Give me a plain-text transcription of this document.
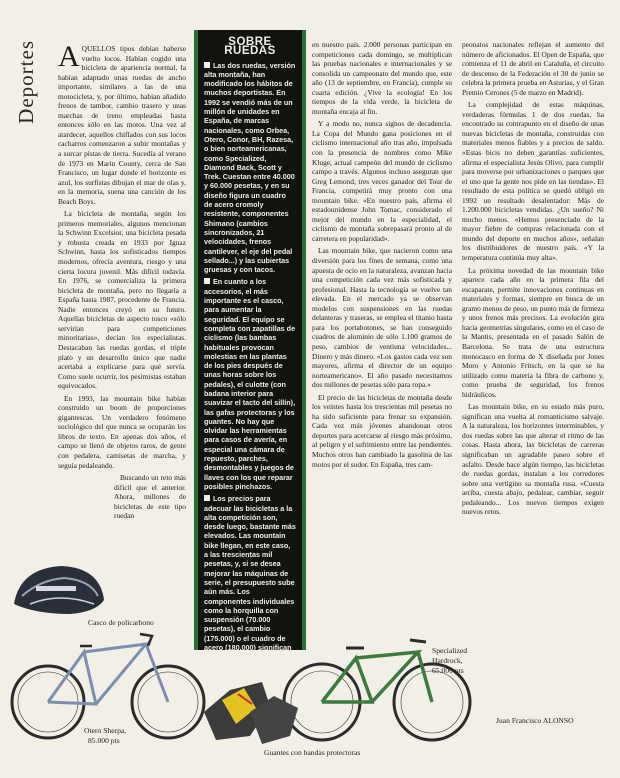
Deportes AQUELLOS tipos debían haberse vuelto locos. Habían cogido una bicicleta de apariencia normal, la habían adaptado unas ruedas de ancho importante, similares a las de una motocicleta, y, por último, habían añadido frenos de tambor, cambio trasero y unas marchas de treno empleadas hasta entonces sólo en las motos. Una vez al atardecer, aquellos chiflados con sus locos cacharros comenzaron a subir montañas y a surcar pistas de tierra. Sucedía al verano de 1973 en Marin County, cerca de San Francisco, un lugar donde el horizonte es azul, los surfistas dibujan el mar de olas y, en la memoria, suena una canción de los Beach Boys.

La bicicleta de montaña, según los primeros memoriales, algunos mencionan la Schwinn Excelsior, una bicicleta pesada y robusta creada en 1933 por Ignaz Schwinn, hasta los sofisticados tiempos modernos, ofrecía aventura, riesgo y una cierta locura juvenil. Más difícil todavía. En 1976, se comercializa la primera bicicleta de montaña, pero no llegaría a España hasta 1987, procedente de Francia. Nadie entonces creyó en su futuro. Aquellas bicicletas de aspecto tosco «sólo servirían para competiciones minoritarias», decían los especialistas. Destacaban las ruedas gordas, el triple plato y un desarrollo único que nadie acertaba a explicarse para qué servía. Como suele ocurrir, los pesimistas estaban equivocados.

En 1993, las mountain bike habían construido un boom de proporciones gigantescas. Un verdadero fenómeno sociológico del que nunca se ocuparán los libros de texto. En apenas dos años, el campo se llenó de objetos raros, de gente con pedalera, camisetas de marcha, y seguía pedaleando.

Buscando un reto más difícil que el anterior. Ahora, millones de bicicletas de este tipo ruedan

SOBRE RUEDAS

Las dos ruedas, versión alta montaña, han modificado los hábitos de muchos deportistas. En 1992 se vendió más de un millón de unidades en España, de marcas nacionales, como Orbea, Otero, Conor, BH, Razesa, o bien norteamericanas, como Specialized, Diamond Back, Scott y Trek. Cuestan entre 40.000 y 60.000 pesetas, y en su diseño figura un cuadro de acero cromoly resistente, componentes Shimano (cambios sincronizados, 21 velocidades, frenos cantilever, el eje del pedal sellado...) y las cubiertas gruesas y con tacos.

En cuanto a los accesorios, el más importante es el casco, para aumentar la seguridad. El equipo se completa con zapatillas de ciclismo (las bambas habituales provocan molestias en las plantas de los pies después de unas horas sobre los pedales), el culotte (con badana interior para suavizar el tacto del sillín), las gafas protectoras y los guantes. No hay que olvidar las herramientas para casos de avería, en especial una cámara de repuesto, parches, desmontables y juegos de llaves con los que reparar posibles pinchazos.

Los precios para adecuar las bicicletas a la alta competición son, desde luego, bastante más elevados. Las mountain bike llegan, en este caso, a las trescientas mil pesetas, y, si se desea mejorar las máquinas de serie, el presupuesto sube aún más. Los componentes individuales como la horquilla con suspensión (70.000 pesetas), el cambio (175.000) o el cuadro de acero (180.000) significan pequeñas fortunas.

en nuestro país. 2.000 personas participan en competiciones cada domingo, se multiplican las pruebas nacionales e internacionales y se consolida un campeonato del mundo que, este año (13 de septiembre, en Francia), cumple su cuarta edición. ¿Vive la ecología! En los tiempos de la vida verde, la bicicleta de montaña encaja al fin.

Y a modo no, nunca signos de decadencia. La Copa del Mundo gana posiciones en el ciclismo internacional año tras año, impulsada con la presencia de nombres como Mike Kluge, actual campeón del mundo de ciclismo campo a través. Algunos incluso aseguran que Greg Lemond, tres veces ganador del Tour de Francia, competirá muy pronto con una mountain bike. «En nuestro país, afirma el estadounidense John Tomac, considerado el mejor del mundo en la especialidad, el ciclismo de montaña sobrepasará pronto al de carretera en popularidad».

Las mountain bike, que nacieron como una diversión para los fines de semana, como una apuesta de ocio en la naturaleza, avanzan hacia una competición cada vez más sofisticada y profesional. Hasta la tecnología se vuelve tan elevada. En el mercado ya se observan modelos con suspensiones en las ruedas delanteras y traseras, se emplea el titanio hasta para los portabotones, se han conseguido cuadros de aluminio de sólo 1.100 gramos de peso, cambios de ventiuna velocidades... Dinero y más dinero. «Los gastos cada vez son mayores, afirma el director de un equipo norteamericano». El año pasado necesitamos dos millones de pesetas sólo para ropa.»

El precio de las bicicletas de montaña desde los veintes hasta los trescientas mil pesetas no ha sido suficiente para frenar su expansión. Cada vez más jóvenes abandonan otros deportes para acercarse al riesgo más próximo, al peligro y el sufrimiento entre las pendientes. Muchos otros han cambiado la gasolina de las motos por el sudor. En España, tres cam-

peonatos nacionales reflejan el aumento del número de aficionados. El Open de España, que comienza el 11 de abril en Cataluña, el circuito de descenso de la Federación el 30 de junio se celebra la primera prueba en Asturias, y el Gran Premio Cerones (5 de marzo en Madrid).

La complejidad de estas máquinas, verdaderas fórmulas 1 de dos ruedas, ha encontrado su contrapunto en el diseño de unas nuevas bicicletas de montaña, construidas con materiales menos fiables y a precios de saldo. «Estas bicis no deben garantías suficientes, afirma el especialista Jesús Olivo, para cumplir para moverse por urbanizaciones o parques que el uno que la gente nos pide en las tiendas». El resultado de esta política se quedó obligó en 1992 un resultado desalentador: Más de 1.200.000 bicicletas vendidas. ¿Un sueño? Ni mucho menos. «Hemos presenciado de la mayor fiebre de compras relacionada con el mundo del deporte en muchos años», señalan los distribuidores de nuestro país. «Y la temperatura continúa muy alta».

La próxima novedad de las mountain bike aparece cada año en la primera fila del escaparate, permite innovaciones continuas en materiales y formas, siempre en busca de un gramo menos de peso, un punto más de firmeza y unos frenos más precisos. La evolución gira hacia geometrías singulares, como en el caso de la Mantis, presentada en el pasado Salón de Barcelona. Se trata de una estructura monocasco en forma de X diseñada por Jones Moro y Antonio Fritsch, en la que se ha utilizado como materia la fibra de carbono y, como prueba de seguridad, los frenos hidráulicos.

Las mountain bike, en su estado más puro, significan una vuelta al romanticismo salvaje. A la naturaleza, los horizontes interminables, y dos ruedas sobre las que alterar el ritmo de las cosas. Hasta ahora, las bicicletas de carreras significaban un agradable paseo sobre el asfalto. Desde hace algún tiempo, las bicicletas de ruedas gordas, instalan a los corredores sobre una vertigino sa montaña rusa. «Cuesta arriba, cuesta abajo, pedalear, cambiar, seguir pedaleando... Los nuevos tiempos exigen nuevos retos.

Juan Francisco ALONSO
Casco de policarbono
Otero Sherpa,
85.000 pts
Specialized
Hardrock,
65.000 pts
Guantes con bandas protectoras
